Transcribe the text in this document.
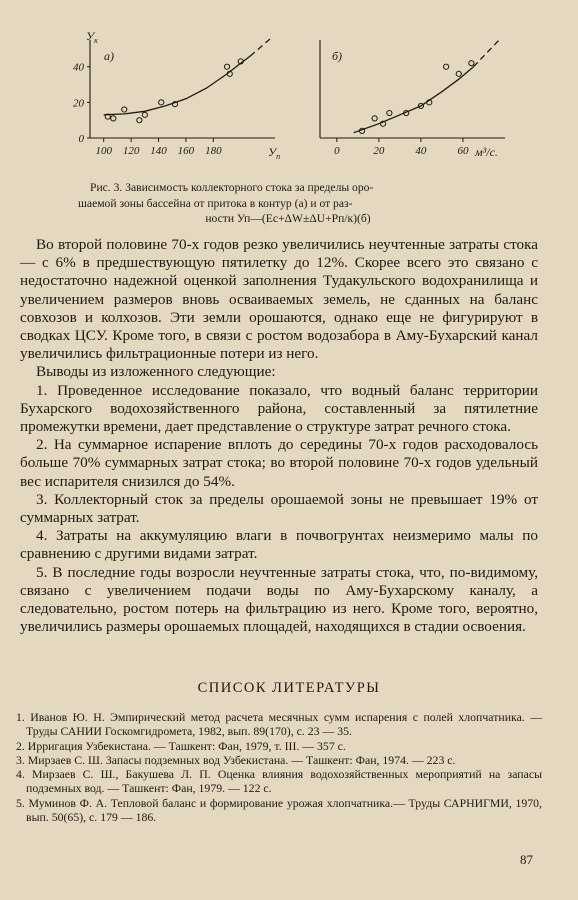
$У_к$
а)
$У_п$
100 120 140 160 180
0
20
40
б)
м³/с.
0	20	40	60
Рис. 3. Зависимость коллекторного стока за пределы оро-
шаемой зоны бассейна от притока в контур (а) и от раз-
ности Уп—(Ес+ΔW±ΔU+Рп/к)(б)

Во второй половине 70-х годов резко увеличились неучтенные затраты стока — с 6% в предшествующую пятилетку до 12%. Скорее всего это связано с недостаточно надежной оценкой заполнения Тудакульского водохранилища и увеличением размеров вновь осваиваемых земель, не сданных на баланс совхозов и колхозов. Эти земли орошаются, однако еще не фигурируют в сводках ЦСУ. Кроме того, в связи с ростом водозабора в Аму-Бухарский канал увеличились фильтрационные потери из него.

Выводы из изложенного следующие:

1. Проведенное исследование показало, что водный баланс территории Бухарского водохозяйственного района, составленный за пятилетние промежутки времени, дает представление о структуре затрат речного стока.

2. На суммарное испарение вплоть до середины 70-х годов расходовалось больше 70% суммарных затрат стока; во второй половине 70-х годов удельный вес испарителя снизился до 54%.

3. Коллекторный сток за пределы орошаемой зоны не превышает 19% от суммарных затрат.

4. Затраты на аккумуляцию влаги в почвогрунтах неизмеримо малы по сравнению с другими видами затрат.

5. В последние годы возросли неучтенные затраты стока, что, по-видимому, связано с увеличением подачи воды по Аму-Бухарскому каналу, а следовательно, ростом потерь на фильтрацию из него. Кроме того, вероятно, увеличились размеры орошаемых площадей, находящихся в стадии освоения.

СПИСОК ЛИТЕРАТУРЫ
1. Иванов Ю. Н. Эмпирический метод расчета месячных сумм испарения с полей хлопчатника. — Труды САНИИ Госкомгидромета, 1982, вып. 89(170), с. 23 — 35.
2. Ирригация Узбекистана. — Ташкент: Фан, 1979, т. III. — 357 с.
3. Мирзаев С. Ш. Запасы подземных вод Узбекистана. — Ташкент: Фан, 1974. — 223 с.
4. Мирзаев С. Ш., Бакушева Л. П. Оценка влияния водохозяйственных мероприятий на запасы подземных вод. — Ташкент: Фан, 1979. — 122 с.
5. Муминов Ф. А. Тепловой баланс и формирование урожая хлопчатника.— Труды САРНИГМИ, 1970, вып. 50(65), с. 179 — 186.
87
